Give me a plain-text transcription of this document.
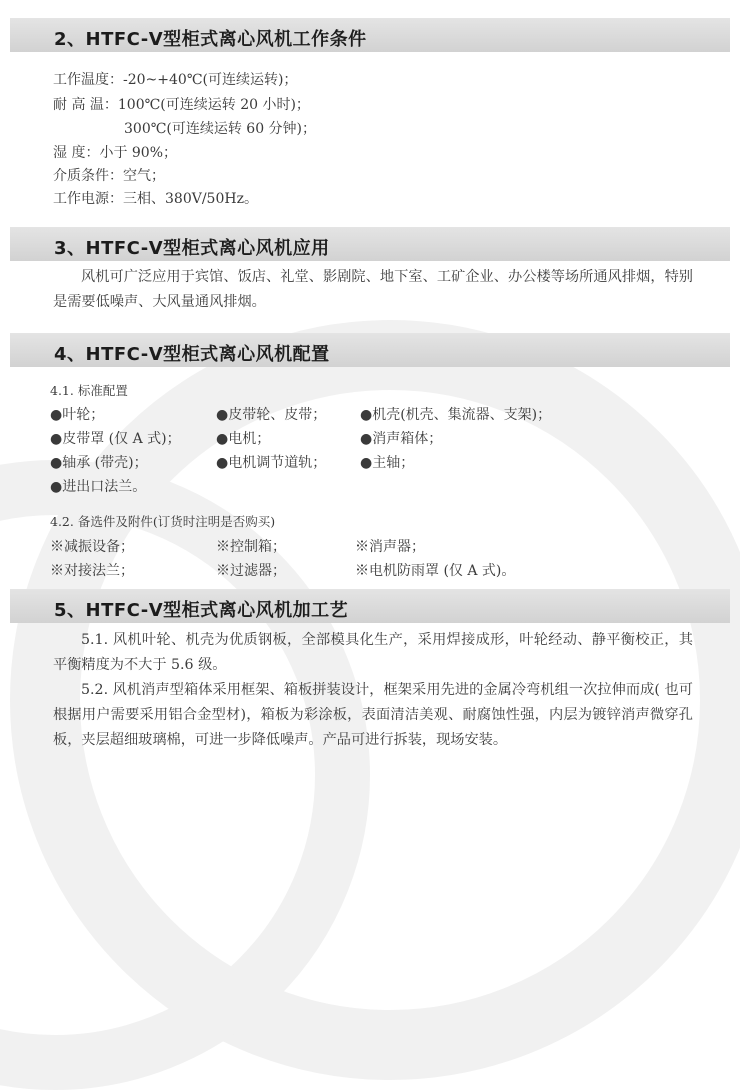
2、HTFC-Ⅴ型柜式离心风机工作条件
工作温度：-20~+40℃(可连续运转)；
耐 高 温：100℃(可连续运转 20 小时)；
300℃(可连续运转 60 分钟)；
湿 度：小于 90%；
介质条件：空气；
工作电源：三相、380V/50Hz。
3、HTFC-Ⅴ型柜式离心风机应用
风机可广泛应用于宾馆、饭店、礼堂、影剧院、地下室、工矿企业、办公楼等场所通风排烟，特别是需要低噪声、大风量通风排烟。
4、HTFC-Ⅴ型柜式离心风机配置
4.1. 标准配置
●叶轮；	●皮带轮、皮带； ●机壳(机壳、集流器、支架)；
●皮带罩 (仅 A 式)；	●电机；	●消声箱体；
●轴承 (带壳)；	●电机调节道轨； ●主轴；
●进出口法兰。
4.2. 备选件及附件(订货时注明是否购买)
※减振设备；	※控制箱；	※消声器；
※对接法兰；	※过滤器；	※电机防雨罩 (仅 A 式)。
5、HTFC-Ⅴ型柜式离心风机加工艺
5.1. 风机叶轮、机壳为优质钢板，全部模具化生产，采用焊接成形，叶轮经动、静平衡校正，其平衡精度为不大于 5.6 级。
5.2. 风机消声型箱体采用框架、箱板拼装设计，框架采用先进的金属冷弯机组一次拉伸而成( 也可根据用户需要采用铝合金型材)，箱板为彩涂板，表面清洁美观、耐腐蚀性强，内层为镀锌消声微穿孔板，夹层超细玻璃棉，可进一步降低噪声。产品可进行拆装，现场安装。
